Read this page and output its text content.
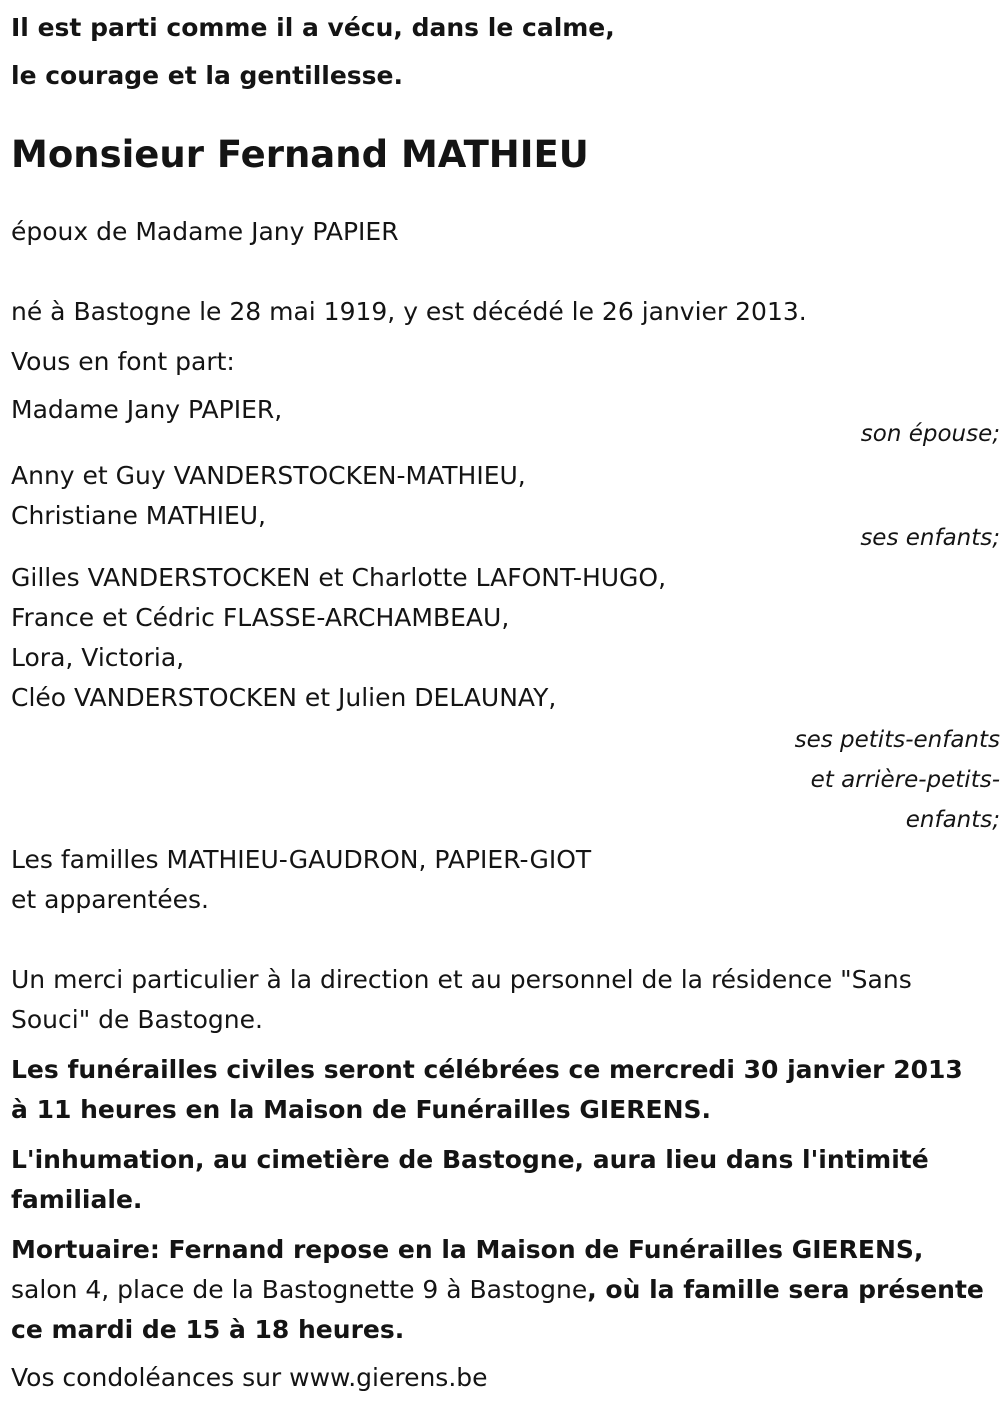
Il est parti comme il a vécu, dans le calme,
le courage et la gentillesse.
Monsieur Fernand MATHIEU
époux de Madame Jany PAPIER
né à Bastogne le 28 mai 1919, y est décédé le 26 janvier 2013.
Vous en font part:
Madame Jany PAPIER,
son épouse;
Anny et Guy VANDERSTOCKEN-MATHIEU,
Christiane MATHIEU,
ses enfants;
Gilles VANDERSTOCKEN et Charlotte LAFONT-HUGO,
France et Cédric FLASSE-ARCHAMBEAU,
Lora, Victoria,
Cléo VANDERSTOCKEN et Julien DELAUNAY,
ses petits-enfants
et arrière-petits-
enfants;
Les familles MATHIEU-GAUDRON, PAPIER-GIOT
et apparentées.
Un merci particulier à la direction et au personnel de la résidence "Sans Souci" de Bastogne.
Les funérailles civiles seront célébrées ce mercredi 30 janvier 2013 à 11 heures en la Maison de Funérailles GIERENS.
L'inhumation, au cimetière de Bastogne, aura lieu dans l'intimité familiale.
Mortuaire: Fernand repose en la Maison de Funérailles GIERENS, salon 4, place de la Bastognette 9 à Bastogne, où la famille sera présente ce mardi de 15 à 18 heures.
Vos condoléances sur www.gierens.be
